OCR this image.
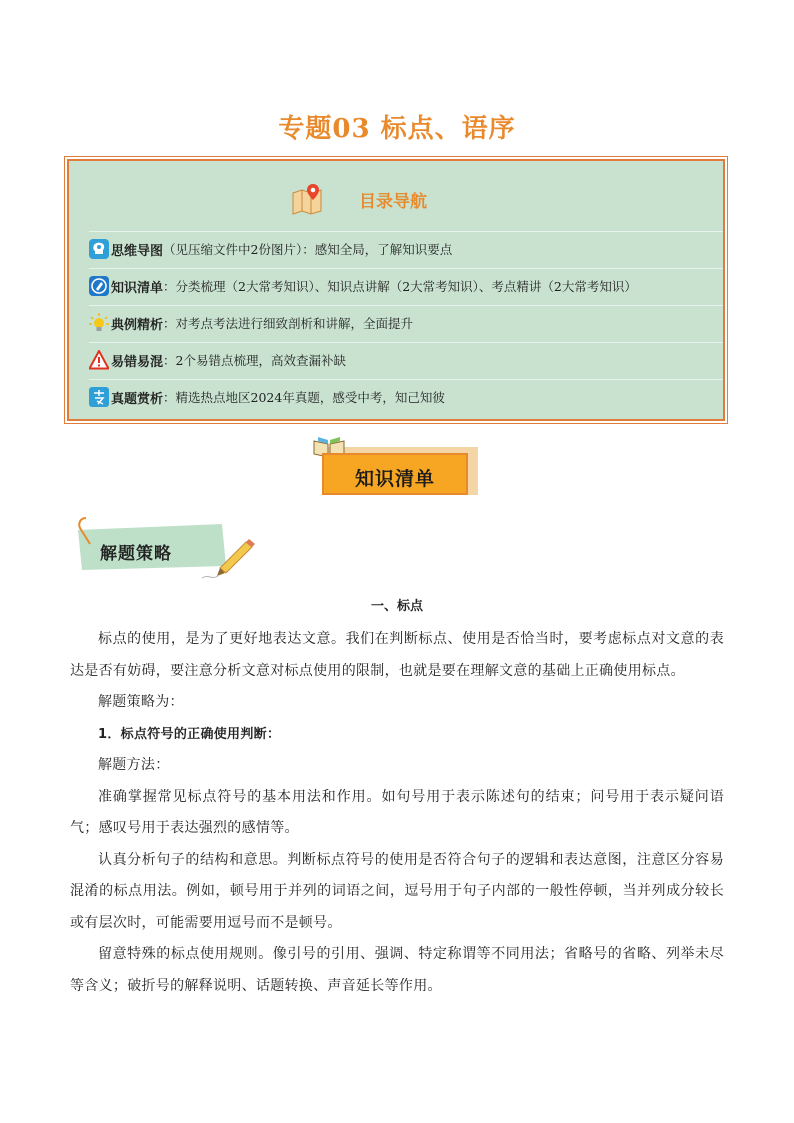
专题03 标点、语序
目录导航
思维导图 （见压缩文件中2份图片）：感知全局，了解知识要点
知识清单 ：分类梳理（2大常考知识）、知识点讲解（2大常考知识）、考点精讲（2大常考知识）
典例精析 ：对考点考法进行细致剖析和讲解，全面提升
易错易混 ：2个易错点梳理，高效查漏补缺
真题赏析 ：精选热点地区2024年真题，感受中考，知己知彼
知识清单
解题策略
一、标点

标点的使用，是为了更好地表达文意。我们在判断标点、使用是否恰当时，要考虑标点对文意的表达是否有妨碍，要注意分析文意对标点使用的限制，也就是要在理解文意的基础上正确使用标点。

解题策略为：

1．标点符号的正确使用判断：

解题方法：

准确掌握常见标点符号的基本用法和作用。如句号用于表示陈述句的结束；问号用于表示疑问语气；感叹号用于表达强烈的感情等。

认真分析句子的结构和意思。判断标点符号的使用是否符合句子的逻辑和表达意图，注意区分容易混淆的标点用法。例如，顿号用于并列的词语之间，逗号用于句子内部的一般性停顿，当并列成分较长或有层次时，可能需要用逗号而不是顿号。

留意特殊的标点使用规则。像引号的引用、强调、特定称谓等不同用法；省略号的省略、列举未尽等含义；破折号的解释说明、话题转换、声音延长等作用。
